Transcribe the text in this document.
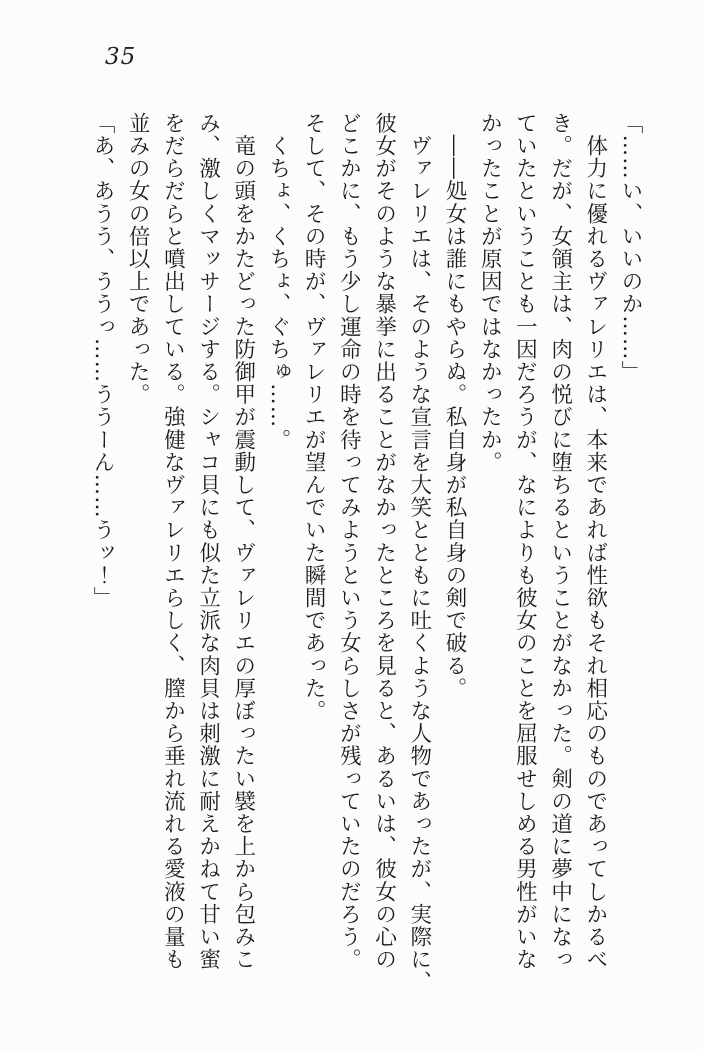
35
「……い、いいのか……」
　体力に優れるヴァレリエは、本来であれば性欲もそれ相応のものであってしかるべ
き。だが、女領主は、肉の悦びに堕ちるということがなかった。剣の道に夢中になっ
ていたということも一因だろうが、なによりも彼女のことを屈服せしめる男性がいな
かったことが原因ではなかったか。
　――処女は誰にもやらぬ。私自身が私自身の剣で破る。
　ヴァレリエは、そのような宣言を大笑とともに吐くような人物であったが、実際に、
彼女がそのような暴挙に出ることがなかったところを見ると、あるいは、彼女の心の
どこかに、もう少し運命の時を待ってみようという女らしさが残っていたのだろう。
そして、その時が、ヴァレリエが望んでいた瞬間であった。
　くちょ、くちょ、ぐちゅ……。
　竜の頭をかたどった防御甲が震動して、ヴァレリエの厚ぼったい襞を上から包みこ
み、激しくマッサージする。シャコ貝にも似た立派な肉貝は刺激に耐えかねて甘い蜜
をだらだらと噴出している。強健なヴァレリエらしく、膣から垂れ流れる愛液の量も
並みの女の倍以上であった。
「あ、あうう、ううっ……ううーん……うッ！」
